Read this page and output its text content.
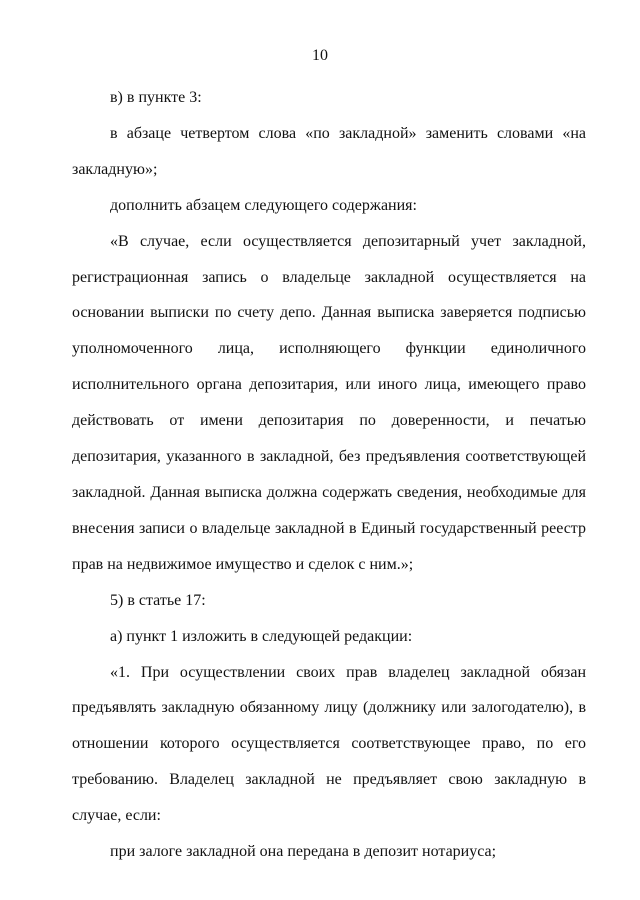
10

в) в пункте 3:

в абзаце четвертом слова «по закладной» заменить словами «на закладную»;

дополнить абзацем следующего содержания:

«В случае, если осуществляется депозитарный учет закладной, регистрационная запись о владельце закладной осуществляется на основании выписки по счету депо. Данная выписка заверяется подписью уполномоченного лица, исполняющего функции единоличного исполнительного органа депозитария, или иного лица, имеющего право действовать от имени депозитария по доверенности, и печатью депозитария, указанного в закладной, без предъявления соответствующей закладной. Данная выписка должна содержать сведения, необходимые для внесения записи о владельце закладной в Единый государственный реестр прав на недвижимое имущество и сделок с ним.»;

5) в статье 17:

а) пункт 1 изложить в следующей редакции:

«1. При осуществлении своих прав владелец закладной обязан предъявлять закладную обязанному лицу (должнику или залогодателю), в отношении которого осуществляется соответствующее право, по его требованию. Владелец закладной не предъявляет свою закладную в случае, если:

при залоге закладной она передана в депозит нотариуса;
